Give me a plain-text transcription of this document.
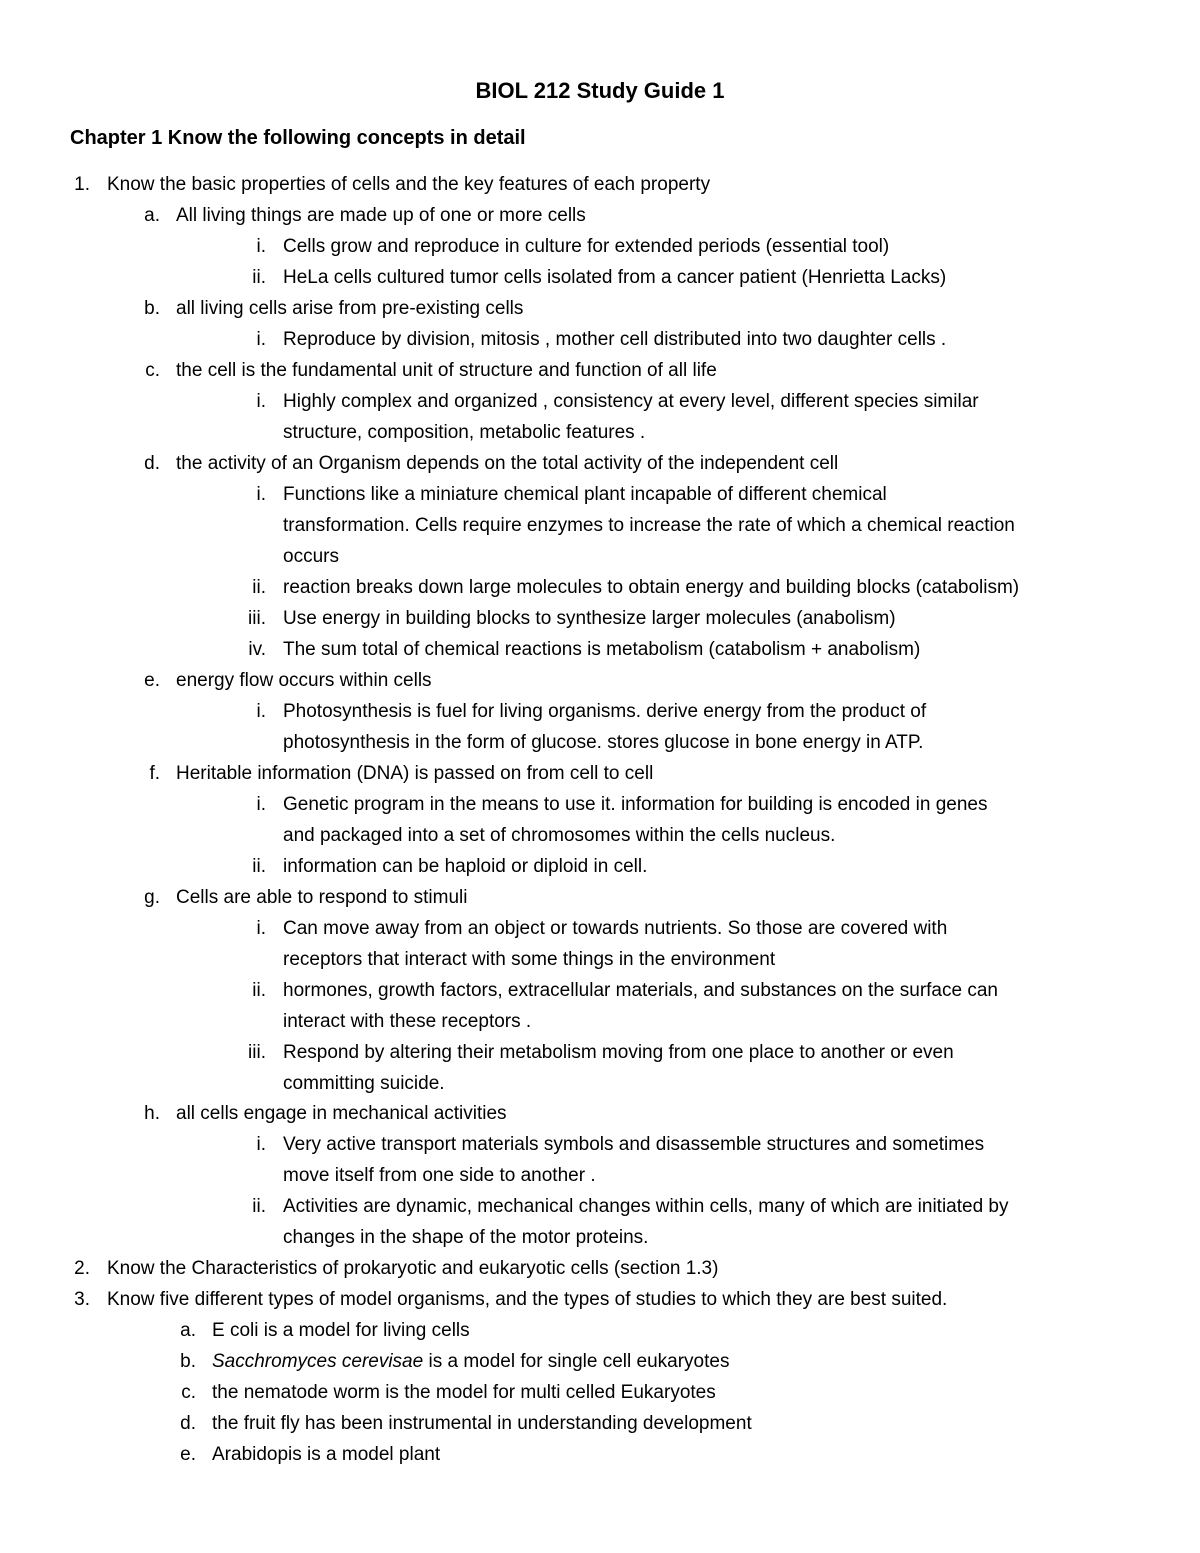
BIOL 212 Study Guide 1
Chapter 1 Know the following concepts in detail
1. Know the basic properties of cells and the key features of each property
a. All living things are made up of one or more cells
i. Cells grow and reproduce in culture for extended periods (essential tool)
ii. HeLa cells cultured tumor cells isolated from a cancer patient (Henrietta Lacks)
b. all living cells arise from pre-existing cells
i. Reproduce by division, mitosis , mother cell distributed into two daughter cells .
c. the cell is the fundamental unit of structure and function of all life
i. Highly complex and organized , consistency at every level, different species similar
structure, composition, metabolic features .
d. the activity of an Organism depends on the total activity of the independent cell
i. Functions like a miniature chemical plant incapable of different chemical
transformation. Cells require enzymes to increase the rate of which a chemical reaction
occurs
ii. reaction breaks down large molecules to obtain energy and building blocks (catabolism)
iii. Use energy in building blocks to synthesize larger molecules (anabolism)
iv. The sum total of chemical reactions is metabolism (catabolism + anabolism)
e. energy flow occurs within cells
i. Photosynthesis is fuel for living organisms. derive energy from the product of
photosynthesis in the form of glucose. stores glucose in bone energy in ATP.
f. Heritable information (DNA) is passed on from cell to cell
i. Genetic program in the means to use it. information for building is encoded in genes
and packaged into a set of chromosomes within the cells nucleus.
ii. information can be haploid or diploid in cell.
g. Cells are able to respond to stimuli
i. Can move away from an object or towards nutrients. So those are covered with
receptors that interact with some things in the environment
ii. hormones, growth factors, extracellular materials, and substances on the surface can
interact with these receptors .
iii. Respond by altering their metabolism moving from one place to another or even
committing suicide.
h. all cells engage in mechanical activities
i. Very active transport materials symbols and disassemble structures and sometimes
move itself from one side to another .
ii. Activities are dynamic, mechanical changes within cells, many of which are initiated by
changes in the shape of the motor proteins.
2. Know the Characteristics of prokaryotic and eukaryotic cells (section 1.3)
3. Know five different types of model organisms, and the types of studies to which they are best suited.
a. E coli is a model for living cells
b. Sacchromyces cerevisae is a model for single cell eukaryotes
c. the nematode worm is the model for multi celled Eukaryotes
d. the fruit fly has been instrumental in understanding development
e. Arabidopis is a model plant
